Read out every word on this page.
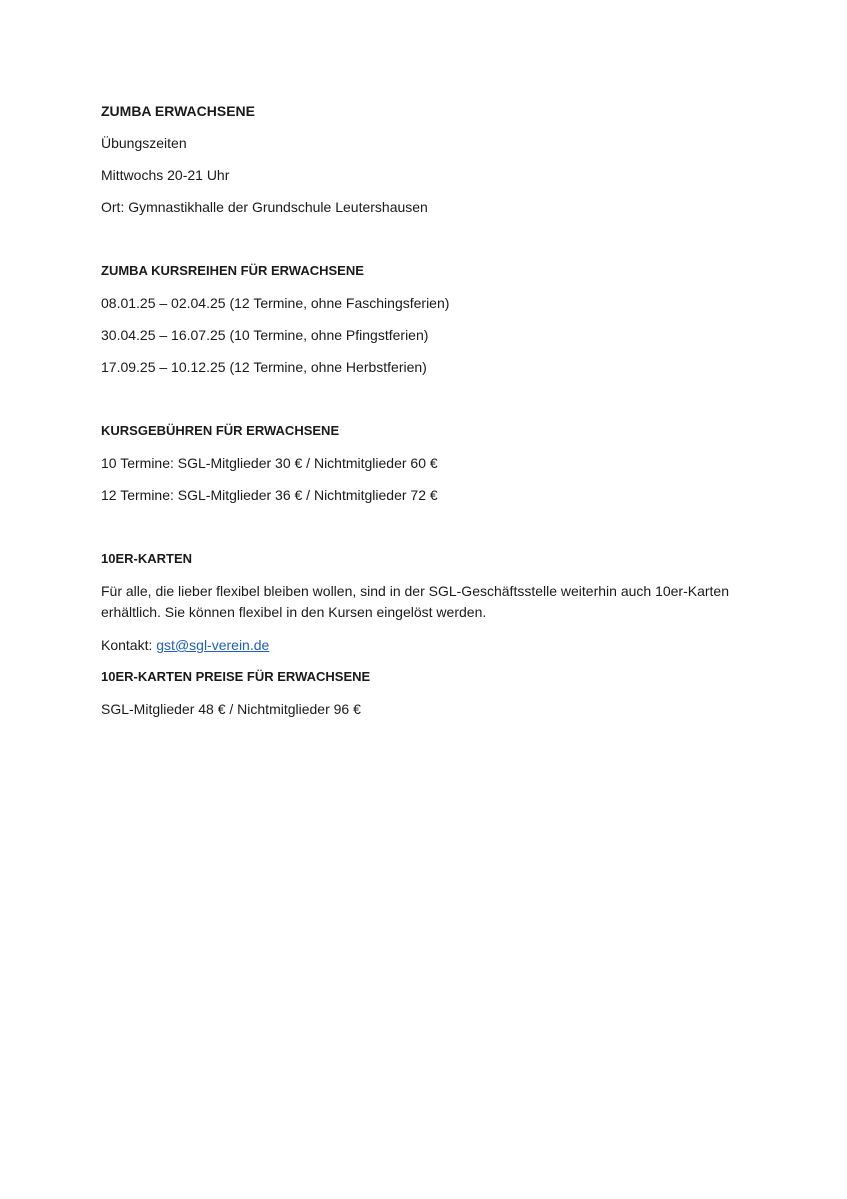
ZUMBA ERWACHSENE

Übungszeiten

Mittwochs 20-21 Uhr

Ort: Gymnastikhalle der Grundschule Leutershausen

ZUMBA KURSREIHEN FÜR ERWACHSENE

08.01.25 – 02.04.25 (12 Termine, ohne Faschingsferien)

30.04.25 – 16.07.25 (10 Termine, ohne Pfingstferien)

17.09.25 – 10.12.25 (12 Termine, ohne Herbstferien)

KURSGEBÜHREN FÜR ERWACHSENE

10 Termine: SGL-Mitglieder 30 € / Nichtmitglieder 60 €

12 Termine: SGL-Mitglieder 36 € / Nichtmitglieder 72 €

10ER-KARTEN

Für alle, die lieber flexibel bleiben wollen, sind in der SGL-Geschäftsstelle weiterhin auch 10er-Karten
erhältlich. Sie können flexibel in den Kursen eingelöst werden.

Kontakt: gst@sgl-verein.de

10ER-KARTEN PREISE FÜR ERWACHSENE

SGL-Mitglieder 48 € / Nichtmitglieder 96 €
